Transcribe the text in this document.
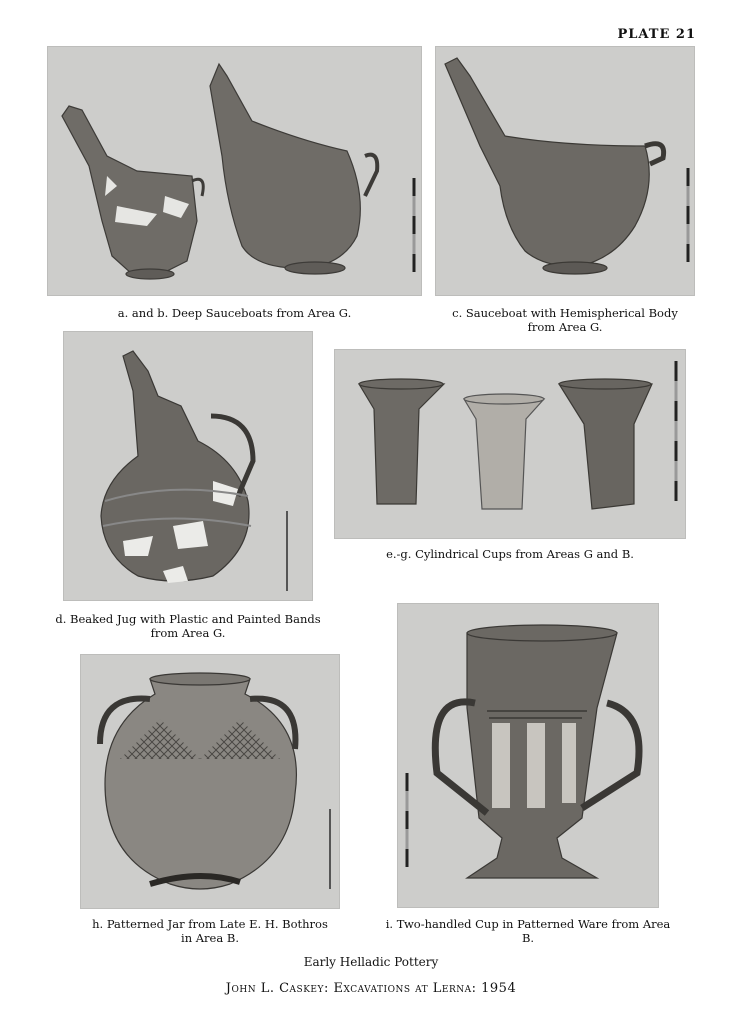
PLATE 21
a. and b. Deep Sauceboats from Area G.	c. Sauceboat with Hemispherical Body
from Area G.
d. Beaked Jug with Plastic and Painted Bands
from Area G.
e.-g. Cylindrical Cups from Areas G and B.
h. Patterned Jar from Late E. H. Bothros
in Area B.
i. Two-handled Cup in Patterned Ware from Area B.
Early Helladic Pottery
John L. Caskey: Excavations at Lerna: 1954
